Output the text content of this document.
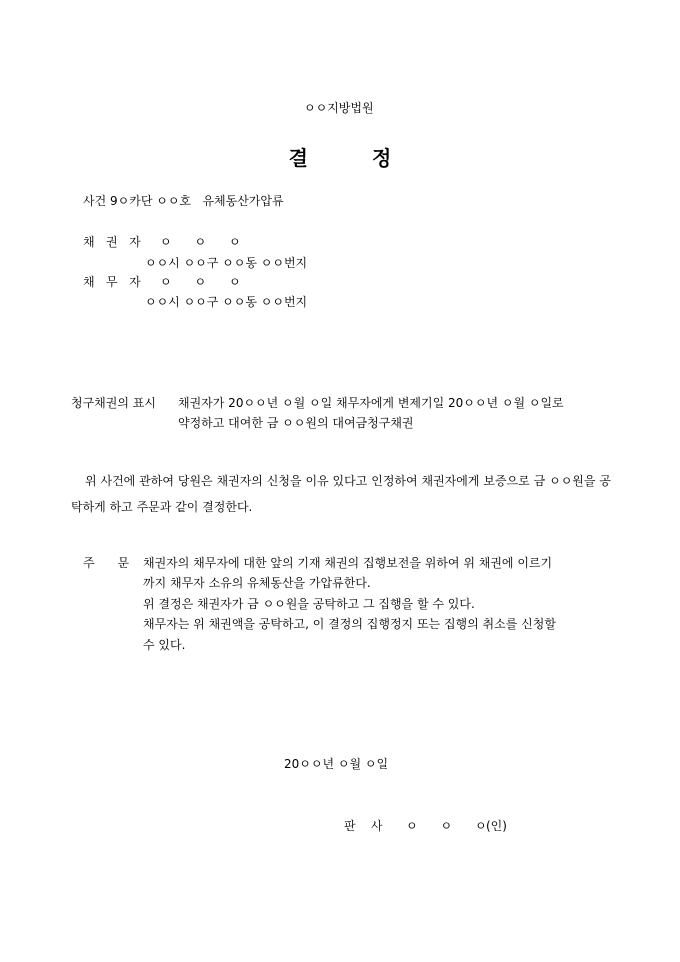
ㅇㅇ지방법원
결	정
사건 9ㅇ카단 ㅇㅇ호   유체동산가압류
채   권   자 ㅇ      ㅇ      ㅇ
ㅇㅇ시 ㅇㅇ구 ㅇㅇ동 ㅇㅇ번지
채   무   자 ㅇ      ㅇ      ㅇ
ㅇㅇ시 ㅇㅇ구 ㅇㅇ동 ㅇㅇ번지
청구채권의 표시 채권자가 20ㅇㅇ년 ㅇ월 ㅇ일 채무자에게 변제기일 20ㅇㅇ년 ㅇ월 ㅇ일로
약정하고 대여한 금 ㅇㅇ원의 대여금청구채권
위 사건에 관하여 당원은 채권자의 신청을 이유 있다고 인정하여 채권자에게 보증으로 금 ㅇㅇ원을 공탁하게 하고 주문과 같이 결정한다.
주      문 채권자의 채무자에 대한 앞의 기재 채권의 집행보전을 위하여 위 채권에 이르기
까지 채무자 소유의 유체동산을 가압류한다.
위 결정은 채권자가 금 ㅇㅇ원을 공탁하고 그 집행을 할 수 있다.
채무자는 위 채권액을 공탁하고, 이 결정의 집행정지 또는 집행의 취소를 신청할
수 있다.
20ㅇㅇ년 ㅇ월 ㅇ일
판    사 ㅇ      ㅇ      ㅇ (인)
